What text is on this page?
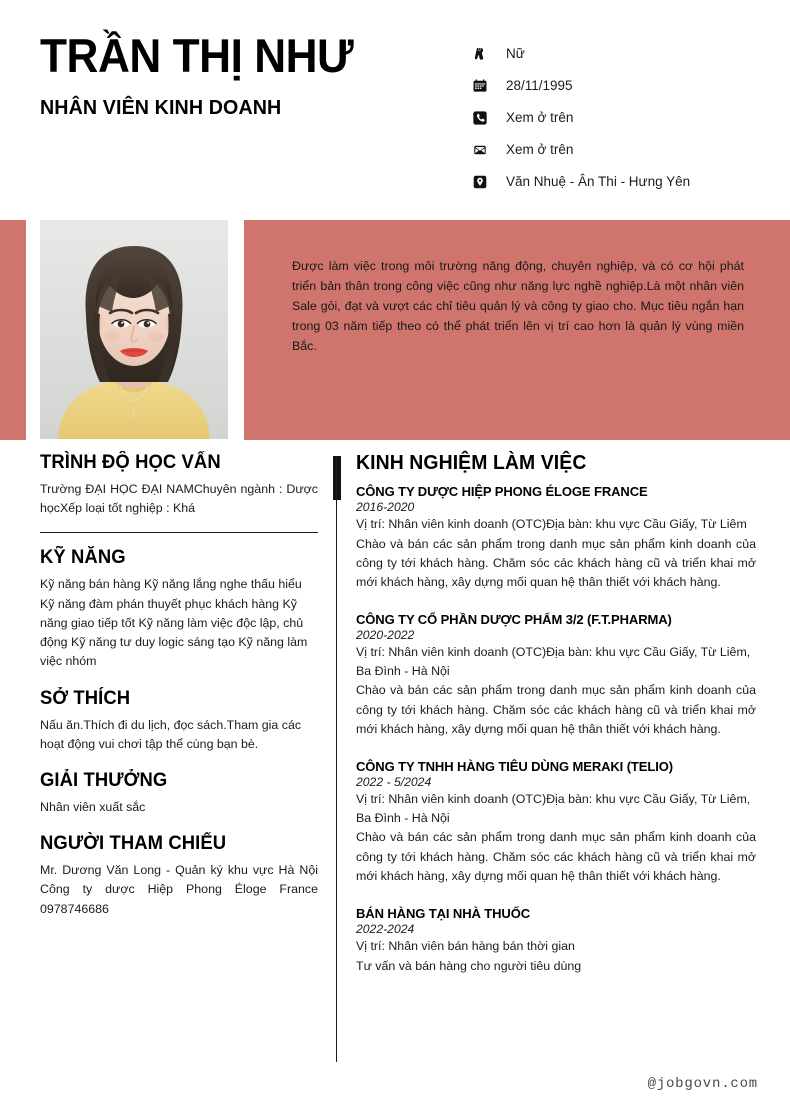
TRẦN THỊ NHƯ
NHÂN VIÊN KINH DOANH
Nữ
28/11/1995
Xem ở trên
Xem ở trên
Văn Nhuệ - Ân Thi - Hưng Yên
Được làm việc trong môi trường năng động, chuyên nghiệp, và có cơ hội phát triển bản thân trong công việc cũng như năng lực nghề nghiệp.Là một nhân viên Sale gỏi, đạt và vượt các chỉ tiêu quản lý và công ty giao cho. Mục tiêu ngắn hạn trong 03 năm tiếp theo có thể phát triển lên vị trí cao hơn là quản lý vùng miền Bắc.
TRÌNH ĐỘ HỌC VẤN

Trường ĐẠI HỌC ĐẠI NAMChuyên ngành : Dược họcXếp loại tốt nghiệp : Khá

KỸ NĂNG

Kỹ năng bán hàng Kỹ năng lắng nghe thấu hiểu Kỹ năng đàm phán thuyết phục khách hàng Kỹ năng giao tiếp tốt Kỹ năng làm việc độc lập, chủ động Kỹ năng tư duy logic sáng tạo Kỹ năng làm việc nhóm

SỞ THÍCH

Nấu ăn.Thích đi du lịch, đọc sách.Tham gia các hoạt động vui chơi tập thể cùng bạn bè.

GIẢI THƯỞNG

Nhân viên xuất sắc

NGƯỜI THAM CHIẾU

Mr. Dương Văn Long - Quản ký khu vực Hà Nội Công ty dược Hiệp Phong Éloge France 0978746686

KINH NGHIỆM LÀM VIỆC

CÔNG TY DƯỢC HIỆP PHONG ÉLOGE FRANCE

2016-2020

Vị trí: Nhân viên kinh doanh (OTC)Địa bàn: khu vực Cầu Giấy, Từ Liêm

Chào và bán các sản phẩm trong danh mục sản phẩm kinh doanh của công ty tới khách hàng. Chăm sóc các khách hàng cũ và triển khai mở mới khách hàng, xây dựng mối quan hệ thân thiết với khách hàng.

CÔNG TY CỔ PHẦN DƯỢC PHẨM 3/2 (F.T.PHARMA)

2020-2022

Vị trí: Nhân viên kinh doanh (OTC)Địa bàn: khu vực Cầu Giấy, Từ Liêm, Ba Đình - Hà Nội

Chào và bán các sản phẩm trong danh mục sản phẩm kinh doanh của công ty tới khách hàng. Chăm sóc các khách hàng cũ và triển khai mở mới khách hàng, xây dựng mối quan hệ thân thiết với khách hàng.

CÔNG TY TNHH HÀNG TIÊU DÙNG MERAKI (TELIO)

2022 - 5/2024

Vị trí: Nhân viên kinh doanh (OTC)Địa bàn: khu vực Cầu Giấy, Từ Liêm, Ba Đình - Hà Nội

Chào và bán các sản phẩm trong danh mục sản phẩm kinh doanh của công ty tới khách hàng. Chăm sóc các khách hàng cũ và triển khai mở mới khách hàng, xây dựng mối quan hệ thân thiết với khách hàng.

BÁN HÀNG TẠI NHÀ THUỐC

2022-2024

Vị trí: Nhân viên bán hàng bán thời gian

Tư vấn và bán hàng cho người tiêu dùng

@jobgovn.com
